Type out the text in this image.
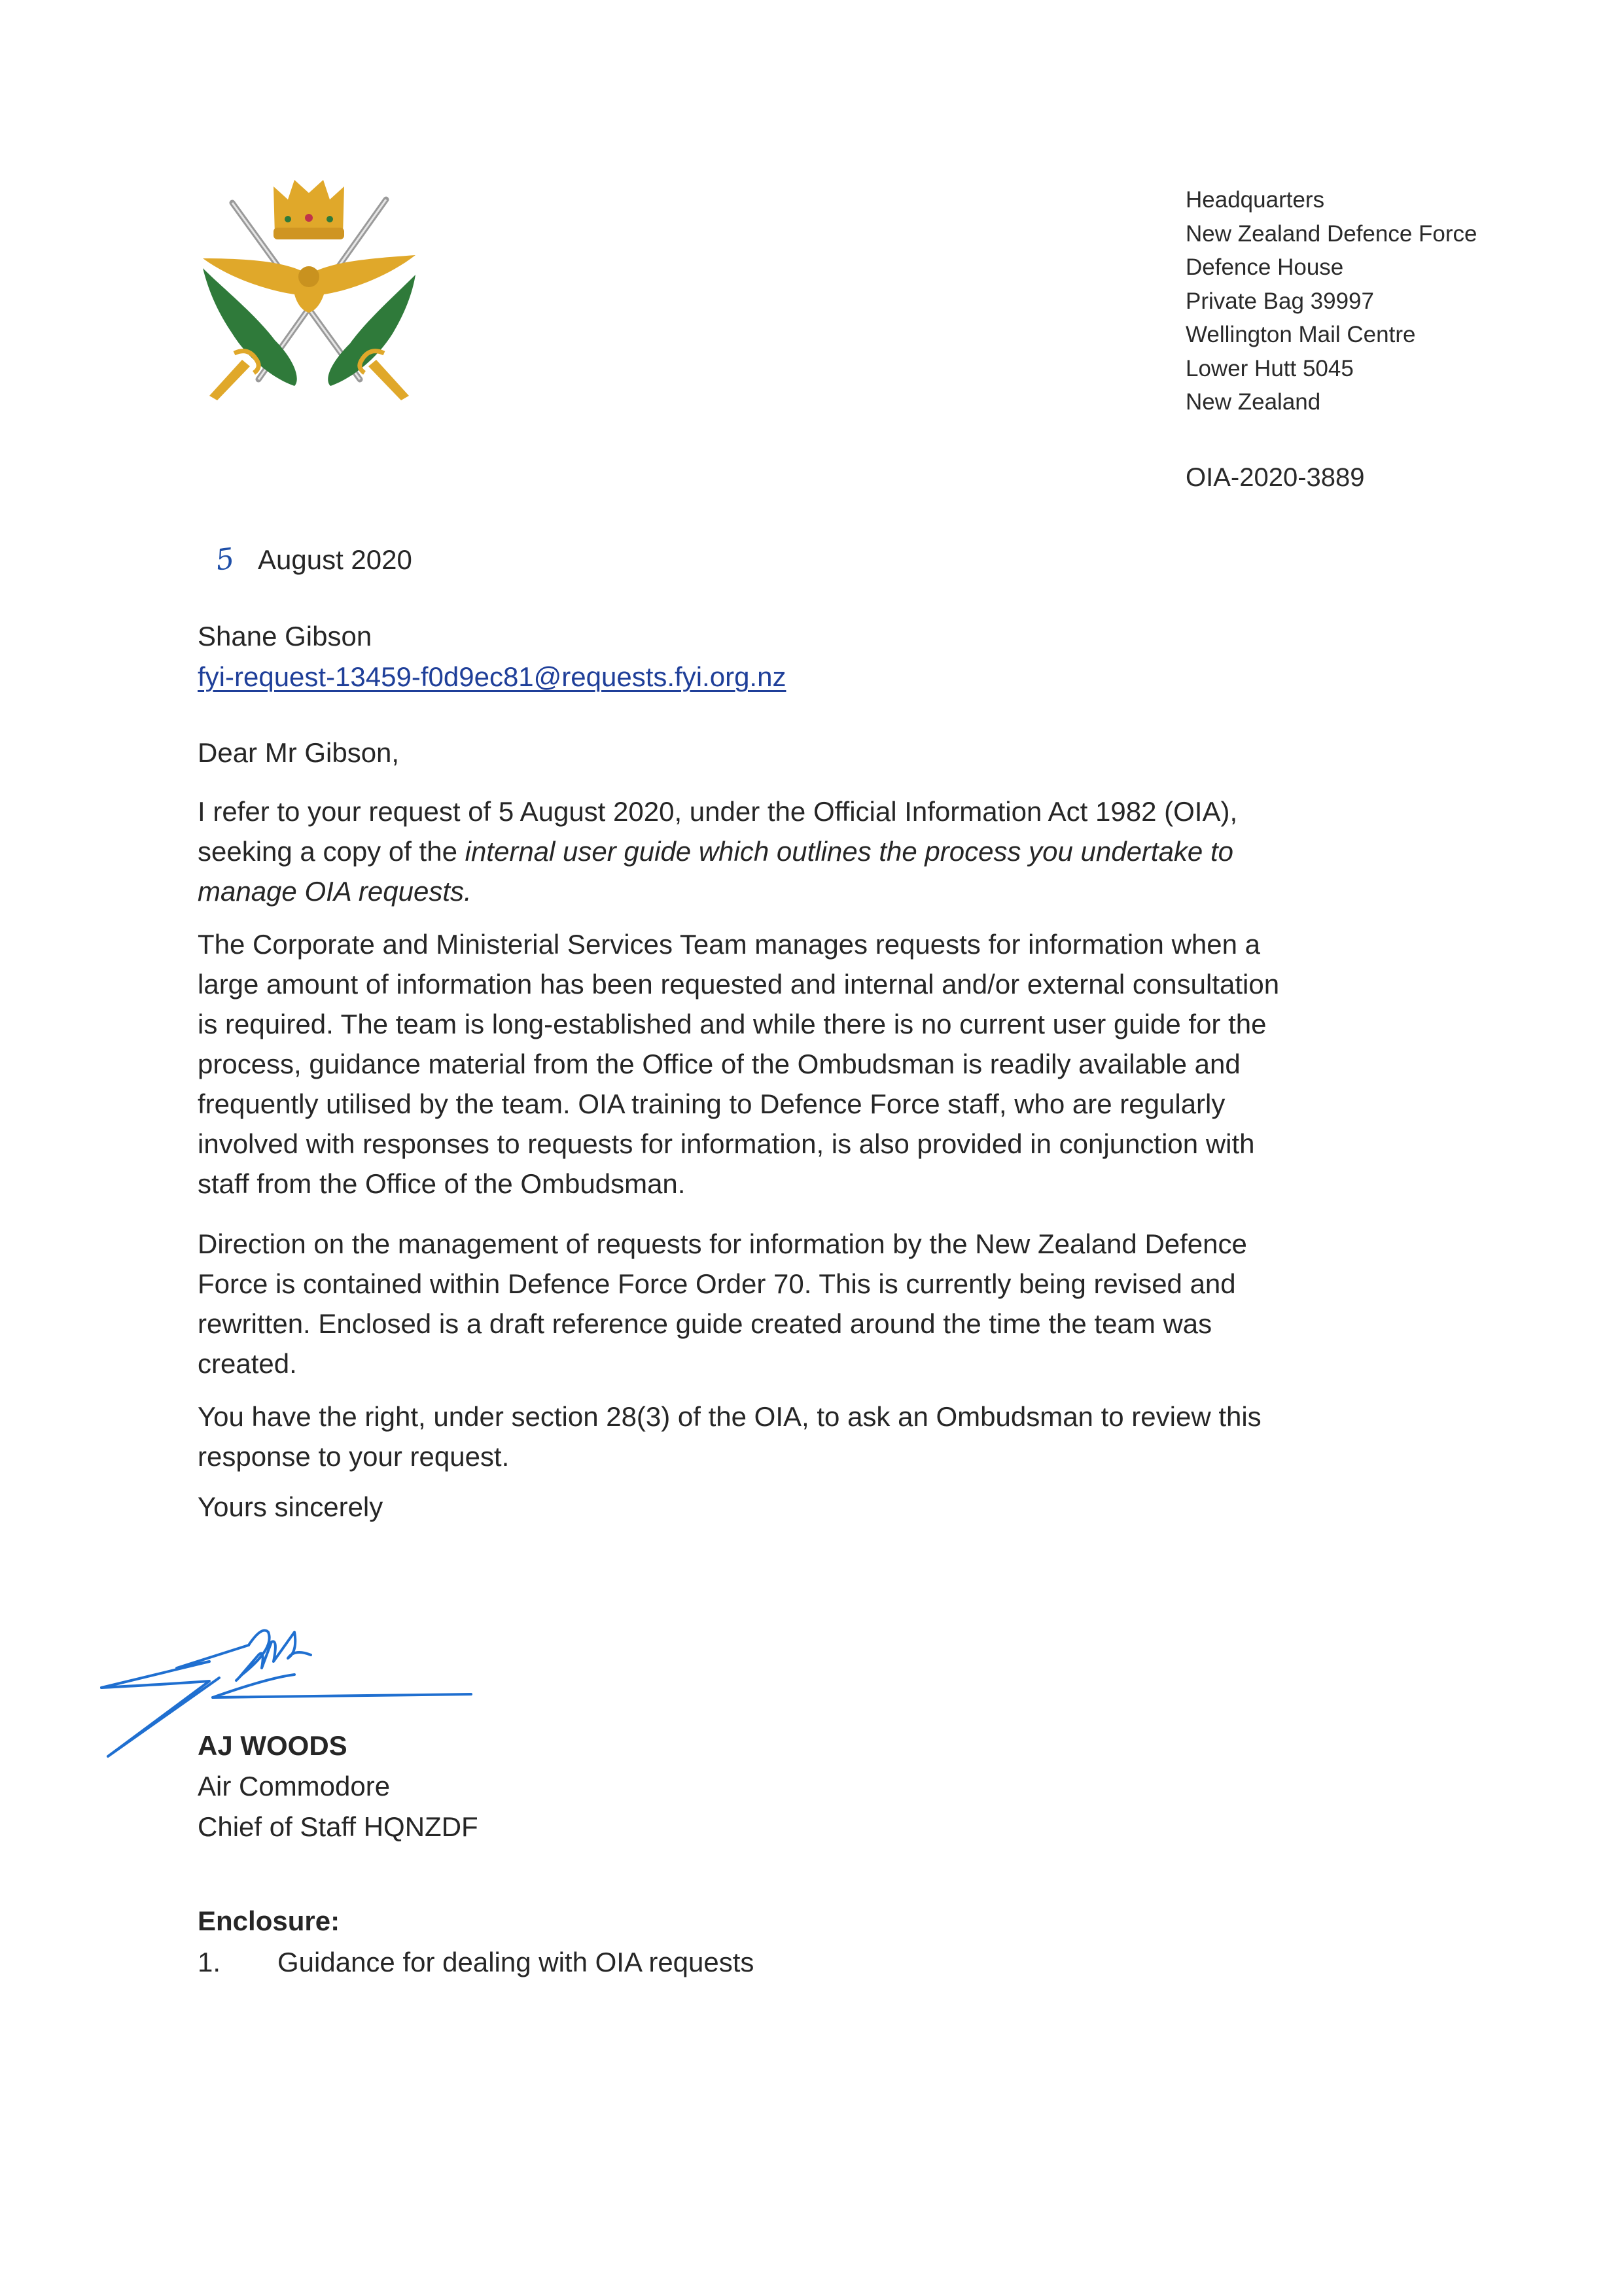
Headquarters
New Zealand Defence Force
Defence House
Private Bag 39997
Wellington Mail Centre
Lower Hutt 5045
New Zealand
OIA-2020-3889
5 August 2020
Shane Gibson
fyi-request-13459-f0d9ec81@requests.fyi.org.nz
Dear Mr Gibson,
I refer to your request of 5 August 2020, under the Official Information Act 1982 (OIA),
seeking a copy of the internal user guide which outlines the process you undertake to
manage OIA requests.
The Corporate and Ministerial Services Team manages requests for information when a
large amount of information has been requested and internal and/or external consultation
is required. The team is long-established and while there is no current user guide for the
process, guidance material from the Office of the Ombudsman is readily available and
frequently utilised by the team. OIA training to Defence Force staff, who are regularly
involved with responses to requests for information, is also provided in conjunction with
staff from the Office of the Ombudsman.
Direction on the management of requests for information by the New Zealand Defence
Force is contained within Defence Force Order 70. This is currently being revised and
rewritten. Enclosed is a draft reference guide created around the time the team was
created.
You have the right, under section 28(3) of the OIA, to ask an Ombudsman to review this
response to your request.
Yours sincerely
AJ WOODS
Air Commodore
Chief of Staff HQNZDF
Enclosure:
1.	Guidance for dealing with OIA requests
